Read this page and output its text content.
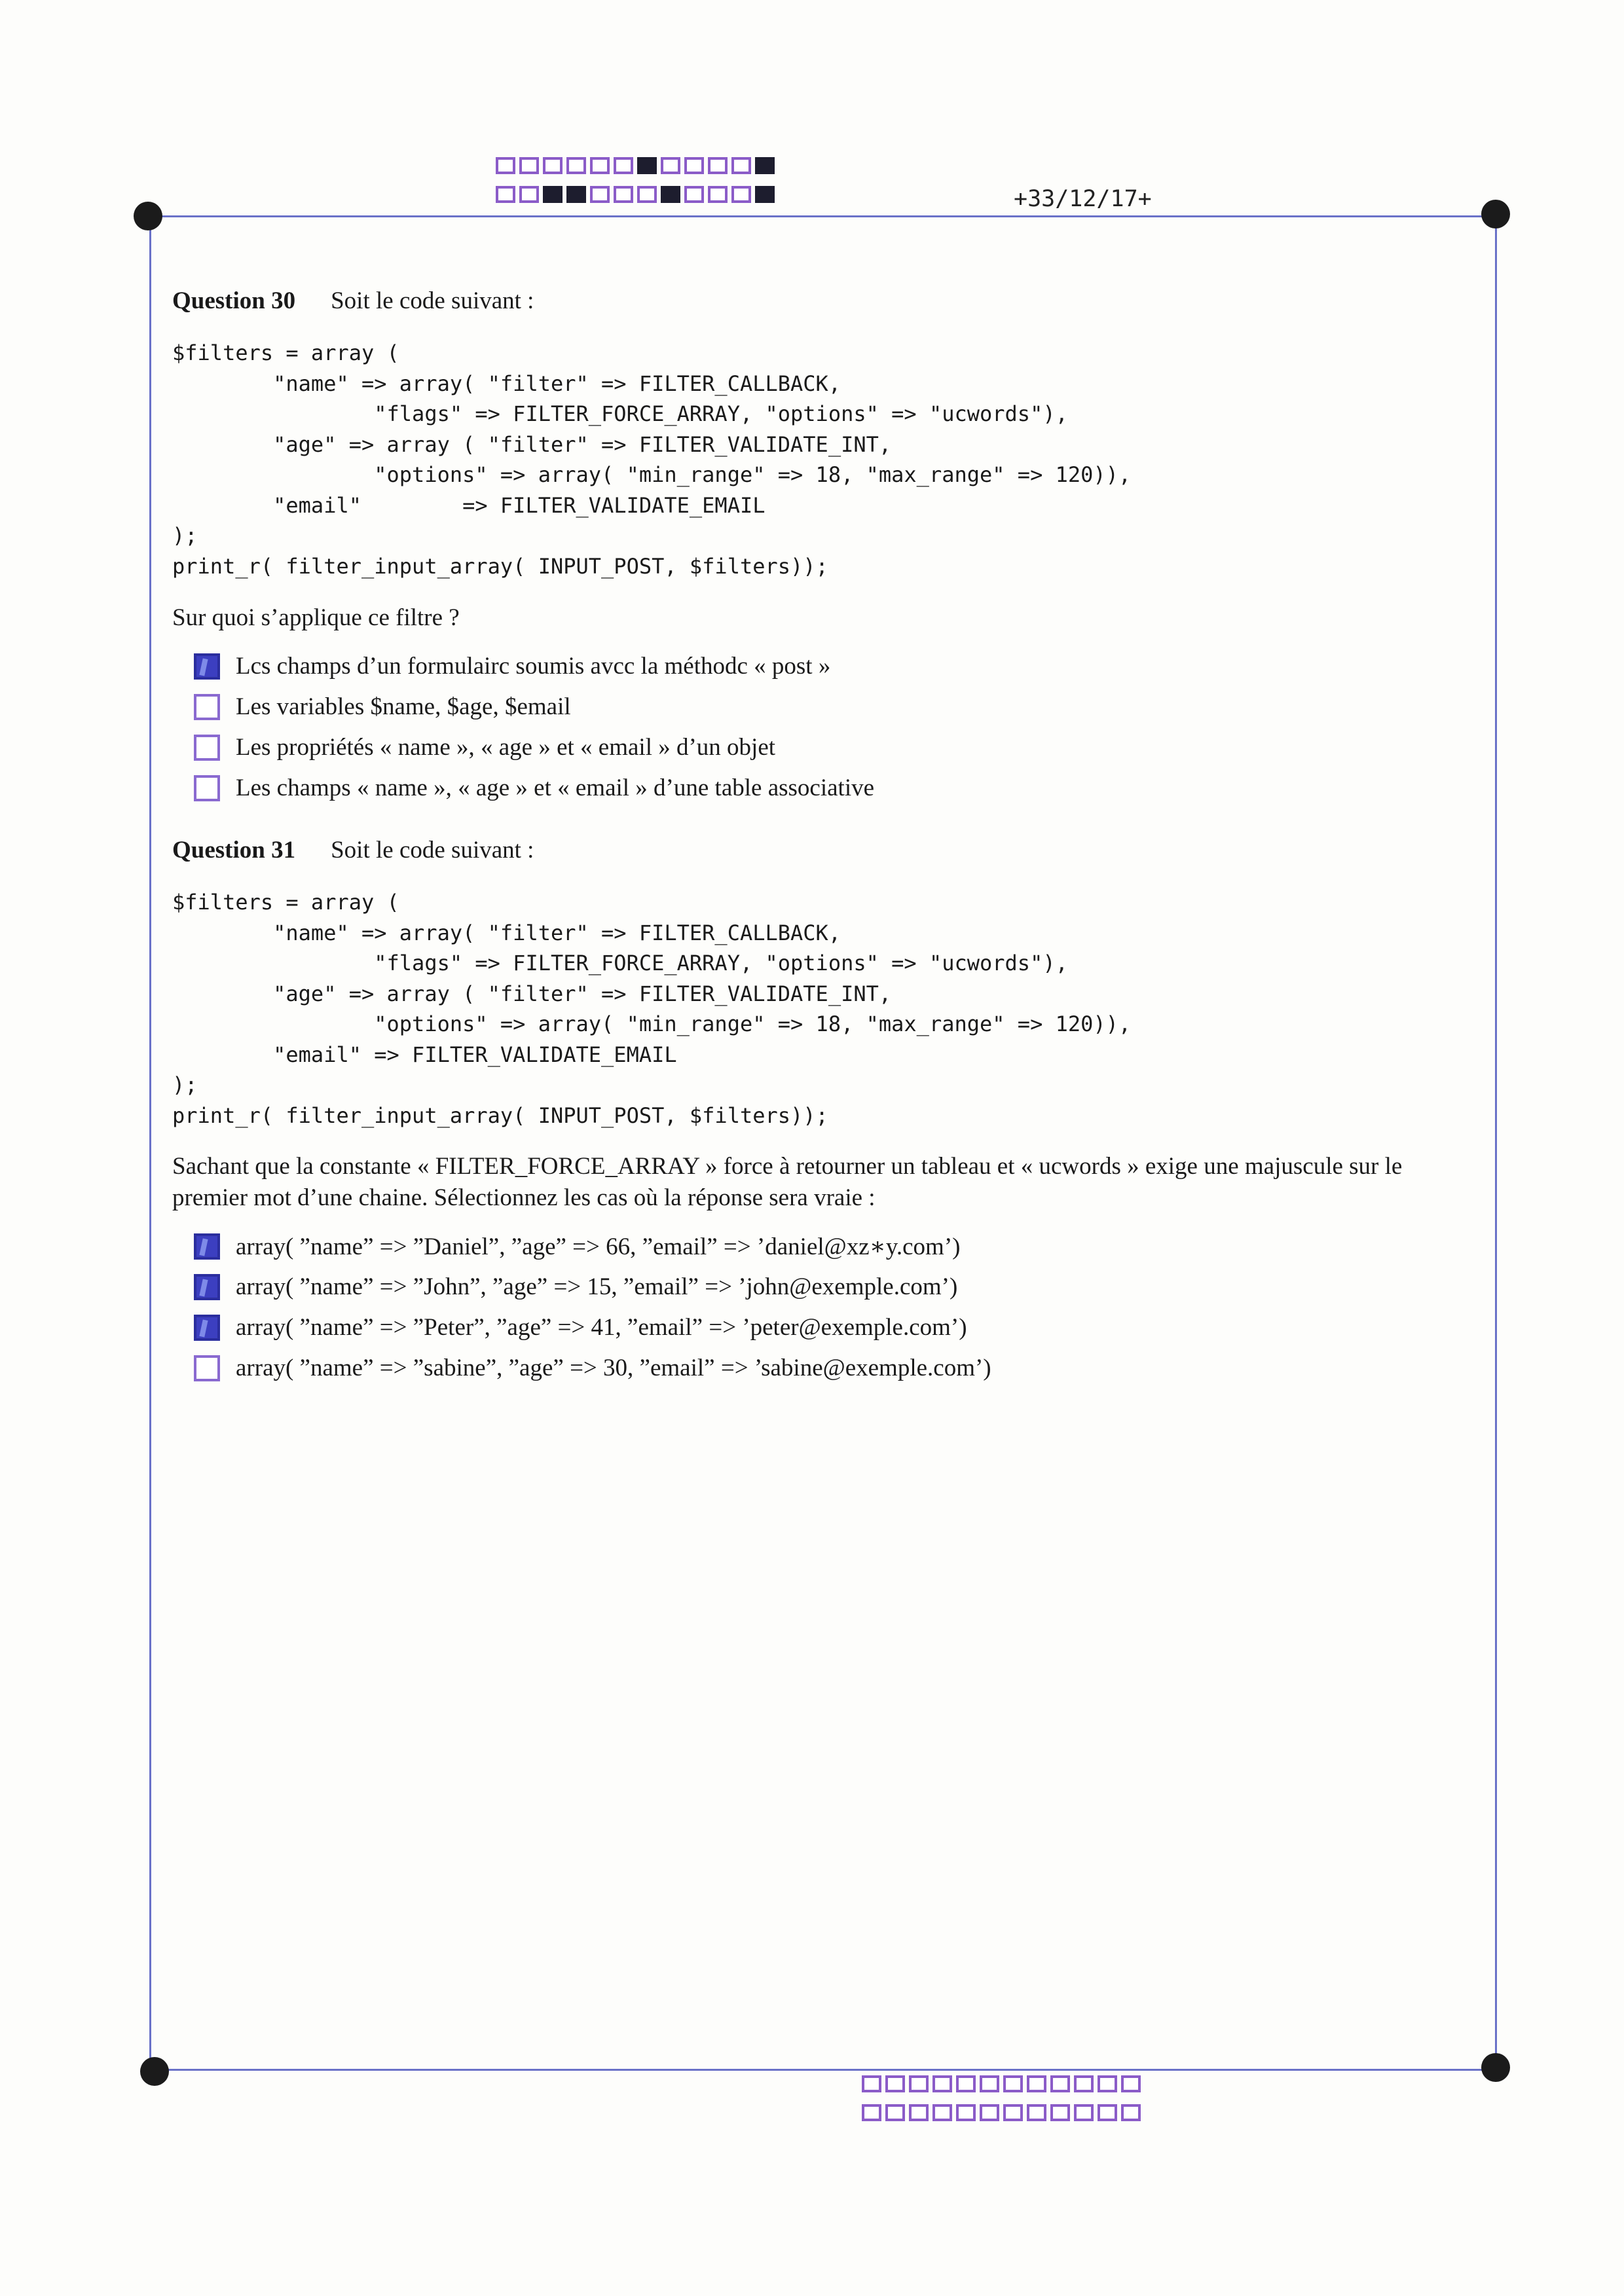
+33/12/17+
Question 30 Soit le code suivant :
$filters = array (
"name" => array( "filter" => FILTER_CALLBACK,
"flags" => FILTER_FORCE_ARRAY, "options" => "ucwords"),
"age" => array ( "filter" => FILTER_VALIDATE_INT,
"options" => array( "min_range" => 18, "max_range" => 120)),
"email"        => FILTER_VALIDATE_EMAIL
);
print_r( filter_input_array( INPUT_POST, $filters));
Sur quoi s’applique ce filtre ?
Lcs champs d’un formulairc soumis avcc la méthodc « post »
Les variables $name, $age, $email
Les propriétés « name », « age » et « email » d’un objet
Les champs « name », « age » et « email » d’une table associative
Question 31 Soit le code suivant :
$filters = array (
"name" => array( "filter" => FILTER_CALLBACK,
"flags" => FILTER_FORCE_ARRAY, "options" => "ucwords"),
"age" => array ( "filter" => FILTER_VALIDATE_INT,
"options" => array( "min_range" => 18, "max_range" => 120)),
"email" => FILTER_VALIDATE_EMAIL
);
print_r( filter_input_array( INPUT_POST, $filters));
Sachant que la constante « FILTER_FORCE_ARRAY » force à retourner un tableau et « ucwords » exige une majuscule sur le premier mot d’une chaine. Sélectionnez les cas où la réponse sera vraie :
array( ”name” => ”Daniel”, ”age” => 66, ”email” => ’daniel@xz∗y.com’)
array( ”name” => ”John”, ”age” => 15, ”email” => ’john@exemple.com’)
array( ”name” => ”Peter”, ”age” => 41, ”email” => ’peter@exemple.com’)
array( ”name” => ”sabine”, ”age” => 30, ”email” => ’sabine@exemple.com’)
